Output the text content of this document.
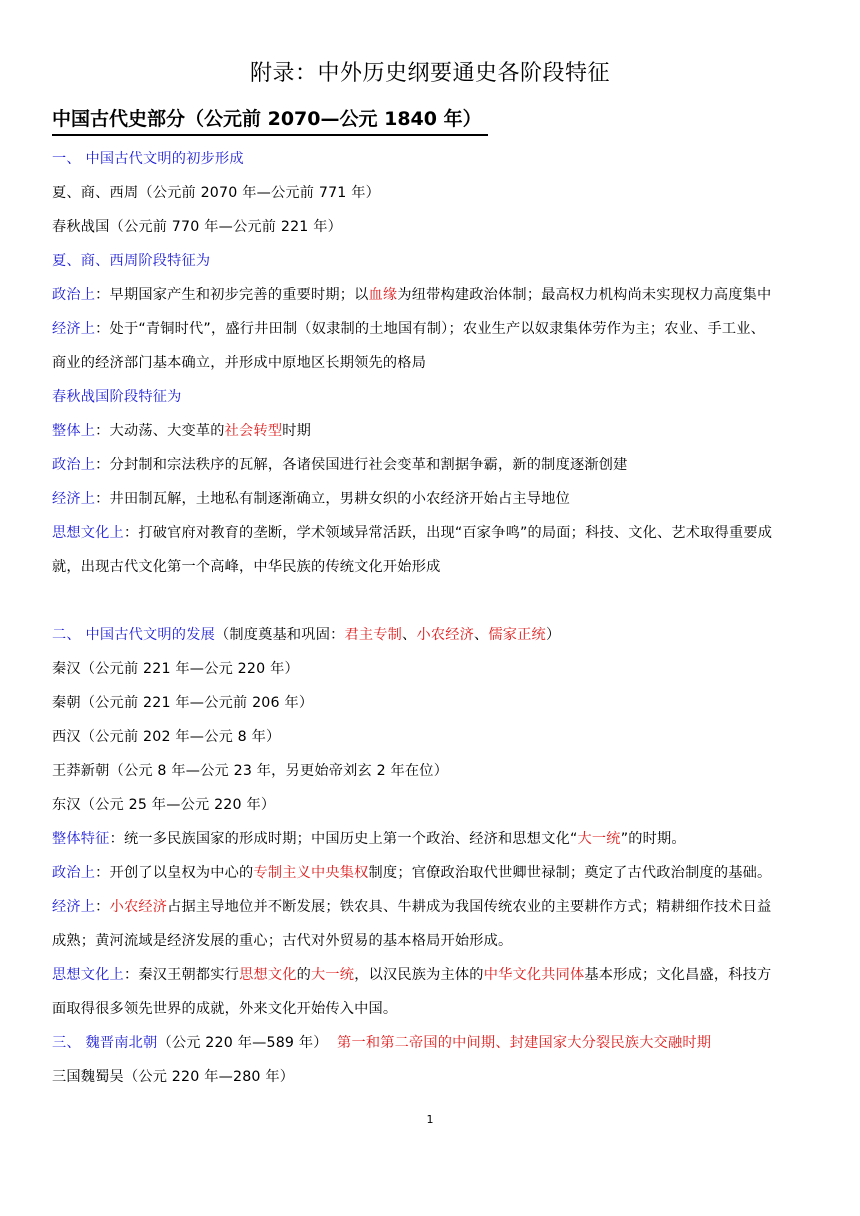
附录：中外历史纲要通史各阶段特征
中国古代史部分（公元前 2070—公元 1840 年）
一、 中国古代文明的初步形成
夏、商、西周（公元前 2070 年—公元前 771 年）
春秋战国（公元前 770 年—公元前 221 年）
夏、商、西周阶段特征为
政治上：早期国家产生和初步完善的重要时期；以血缘为纽带构建政治体制；最高权力机构尚未实现权力高度集中
经济上：处于“青铜时代”，盛行井田制（奴隶制的土地国有制）；农业生产以奴隶集体劳作为主；农业、手工业、
商业的经济部门基本确立，并形成中原地区长期领先的格局
春秋战国阶段特征为
整体上：大动荡、大变革的社会转型时期
政治上：分封制和宗法秩序的瓦解，各诸侯国进行社会变革和割据争霸，新的制度逐渐创建
经济上：井田制瓦解，土地私有制逐渐确立，男耕女织的小农经济开始占主导地位
思想文化上：打破官府对教育的垄断，学术领域异常活跃，出现“百家争鸣”的局面；科技、文化、艺术取得重要成
就，出现古代文化第一个高峰，中华民族的传统文化开始形成
二、 中国古代文明的发展（制度奠基和巩固：君主专制、小农经济、儒家正统）
秦汉（公元前 221 年—公元 220 年）
秦朝（公元前 221 年—公元前 206 年）
西汉（公元前 202 年—公元 8 年）
王莽新朝（公元 8 年—公元 23 年，另更始帝刘玄 2 年在位）
东汉（公元 25 年—公元 220 年）
整体特征：统一多民族国家的形成时期；中国历史上第一个政治、经济和思想文化“大一统”的时期。
政治上：开创了以皇权为中心的专制主义中央集权制度；官僚政治取代世卿世禄制；奠定了古代政治制度的基础。
经济上：小农经济占据主导地位并不断发展；铁农具、牛耕成为我国传统农业的主要耕作方式；精耕细作技术日益
成熟；黄河流域是经济发展的重心；古代对外贸易的基本格局开始形成。
思想文化上：秦汉王朝都实行思想文化的大一统，以汉民族为主体的中华文化共同体基本形成；文化昌盛，科技方
面取得很多领先世界的成就，外来文化开始传入中国。
三、 魏晋南北朝（公元 220 年—589 年）  第一和第二帝国的中间期、封建国家大分裂民族大交融时期
三国魏蜀吴（公元 220 年—280 年）
1
